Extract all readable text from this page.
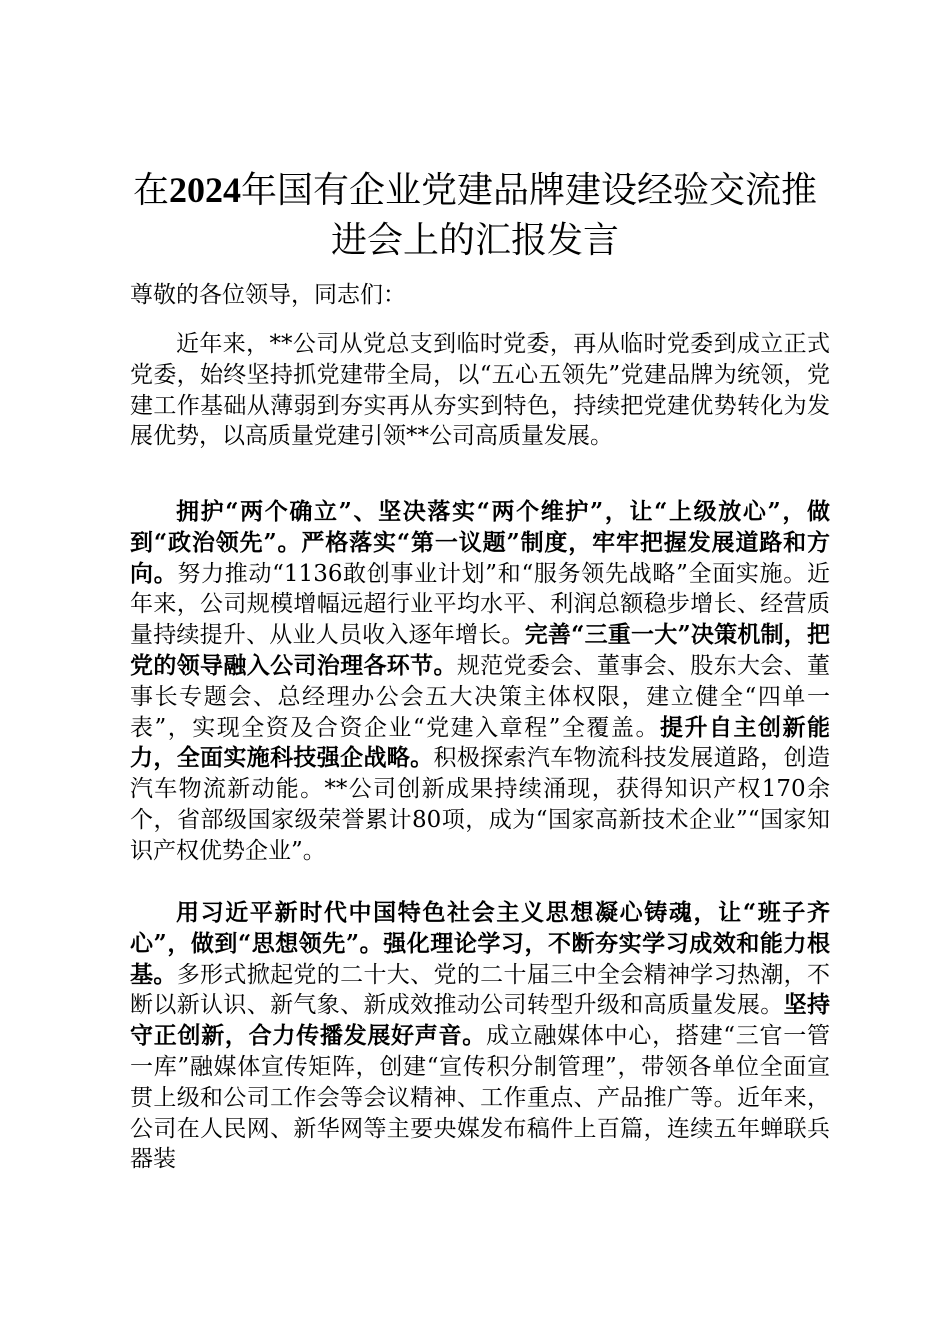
在2024年国有企业党建品牌建设经验交流推进会上的汇报发言

尊敬的各位领导，同志们：

近年来，**公司从党总支到临时党委，再从临时党委到成立正式党委，始终坚持抓党建带全局，以“五心五领先”党建品牌为统领，党建工作基础从薄弱到夯实再从夯实到特色，持续把党建优势转化为发展优势，以高质量党建引领**公司高质量发展。

拥护“两个确立”、坚决落实“两个维护”，让“上级放心”，做到“政治领先”。严格落实“第一议题”制度，牢牢把握发展道路和方向。努力推动“1136敢创事业计划”和“服务领先战略”全面实施。近年来，公司规模增幅远超行业平均水平、利润总额稳步增长、经营质量持续提升、从业人员收入逐年增长。完善“三重一大”决策机制，把党的领导融入公司治理各环节。规范党委会、董事会、股东大会、董事长专题会、总经理办公会五大决策主体权限，建立健全“四单一表”，实现全资及合资企业“党建入章程”全覆盖。提升自主创新能力，全面实施科技强企战略。积极探索汽车物流科技发展道路，创造汽车物流新动能。**公司创新成果持续涌现，获得知识产权170余个，省部级国家级荣誉累计80项，成为“国家高新技术企业”“国家知识产权优势企业”。

用习近平新时代中国特色社会主义思想凝心铸魂，让“班子齐心”，做到“思想领先”。强化理论学习，不断夯实学习成效和能力根基。多形式掀起党的二十大、党的二十届三中全会精神学习热潮，不断以新认识、新气象、新成效推动公司转型升级和高质量发展。坚持守正创新，合力传播发展好声音。成立融媒体中心，搭建“三官一管一库”融媒体宣传矩阵，创建“宣传积分制管理”，带领各单位全面宣贯上级和公司工作会等会议精神、工作重点、产品推广等。近年来，公司在人民网、新华网等主要央媒发布稿件上百篇，连续五年蝉联兵器装
